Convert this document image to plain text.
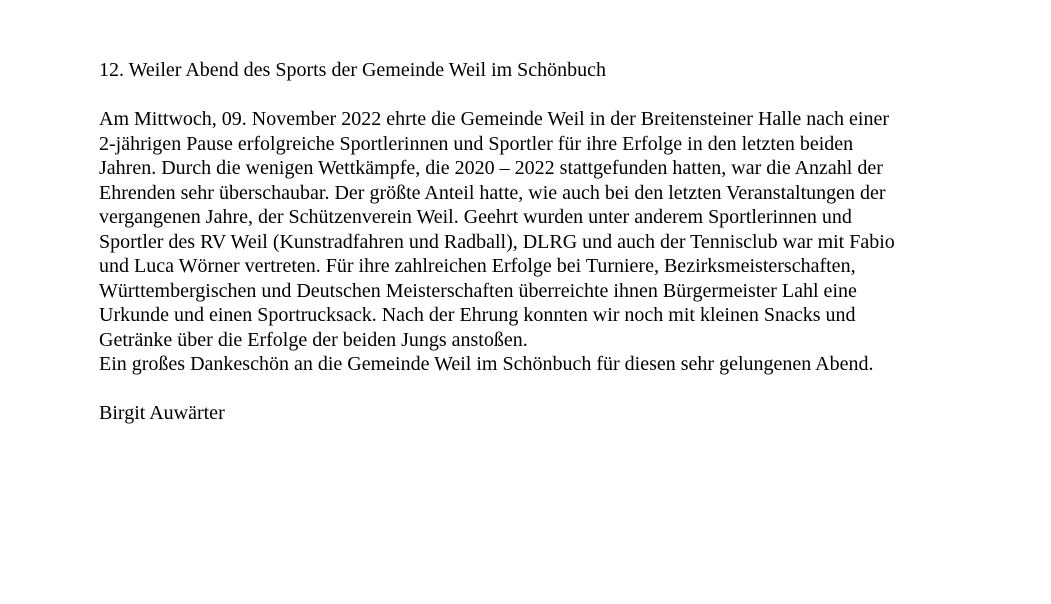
12. Weiler Abend des Sports der Gemeinde Weil im Schönbuch

Am Mittwoch, 09. November 2022 ehrte die Gemeinde Weil in der Breitensteiner Halle nach einer
2-jährigen Pause erfolgreiche Sportlerinnen und Sportler für ihre Erfolge in den letzten beiden
Jahren. Durch die wenigen Wettkämpfe, die 2020 – 2022 stattgefunden hatten, war die Anzahl der
Ehrenden sehr überschaubar. Der größte Anteil hatte, wie auch bei den letzten Veranstaltungen der
vergangenen Jahre, der Schützenverein Weil. Geehrt wurden unter anderem Sportlerinnen und
Sportler des RV Weil (Kunstradfahren und Radball), DLRG und auch der Tennisclub war mit Fabio
und Luca Wörner vertreten. Für ihre zahlreichen Erfolge bei Turniere, Bezirksmeisterschaften,
Württembergischen und Deutschen Meisterschaften überreichte ihnen Bürgermeister Lahl eine
Urkunde und einen Sportrucksack. Nach der Ehrung konnten wir noch mit kleinen Snacks und
Getränke über die Erfolge der beiden Jungs anstoßen.

Ein großes Dankeschön an die Gemeinde Weil im Schönbuch für diesen sehr gelungenen Abend.

Birgit Auwärter
